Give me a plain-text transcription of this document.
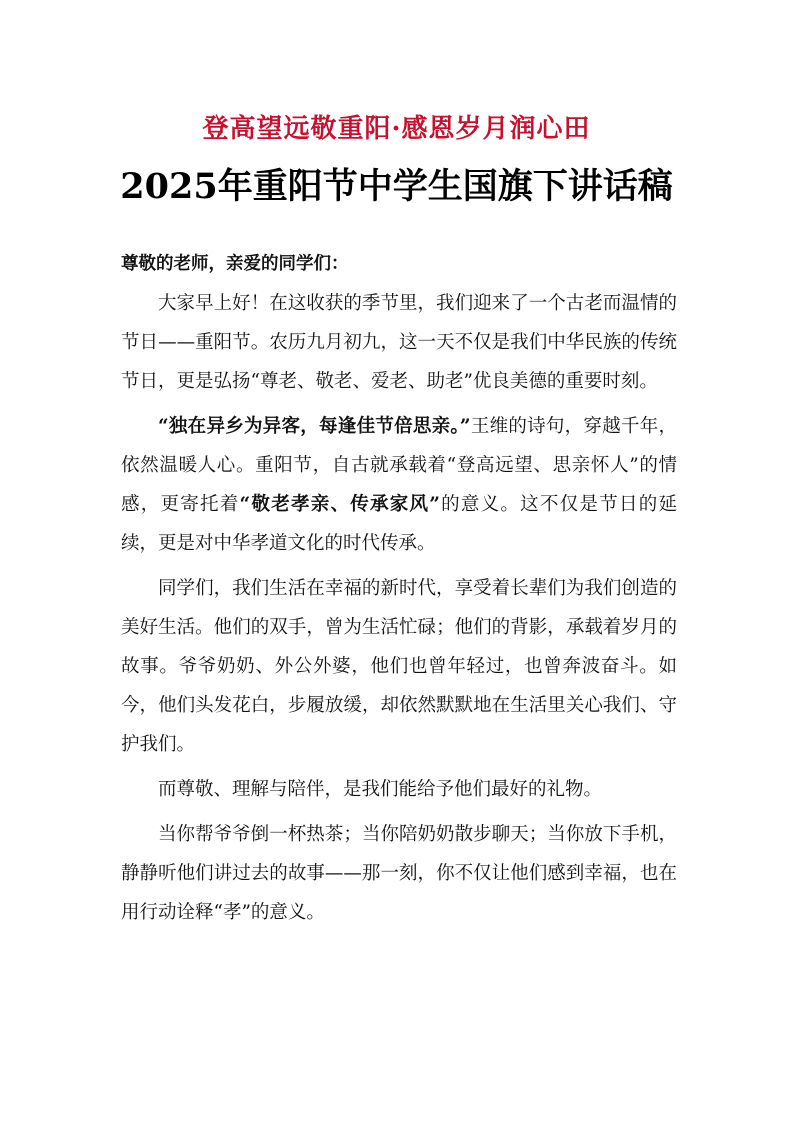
登高望远敬重阳·感恩岁月润心田
2025年重阳节中学生国旗下讲话稿

尊敬的老师，亲爱的同学们：

大家早上好！在这收获的季节里，我们迎来了一个古老而温情的节日——重阳节。农历九月初九，这一天不仅是我们中华民族的传统节日，更是弘扬“尊老、敬老、爱老、助老”优良美德的重要时刻。

“独在异乡为异客，每逢佳节倍思亲。”王维的诗句，穿越千年，依然温暖人心。重阳节，自古就承载着“登高远望、思亲怀人”的情感，更寄托着“敬老孝亲、传承家风”的意义。这不仅是节日的延续，更是对中华孝道文化的时代传承。

同学们，我们生活在幸福的新时代，享受着长辈们为我们创造的美好生活。他们的双手，曾为生活忙碌；他们的背影，承载着岁月的故事。爷爷奶奶、外公外婆，他们也曾年轻过，也曾奔波奋斗。如今，他们头发花白，步履放缓，却依然默默地在生活里关心我们、守护我们。

而尊敬、理解与陪伴，是我们能给予他们最好的礼物。

当你帮爷爷倒一杯热茶；当你陪奶奶散步聊天；当你放下手机，静静听他们讲过去的故事——那一刻，你不仅让他们感到幸福，也在用行动诠释“孝”的意义。
